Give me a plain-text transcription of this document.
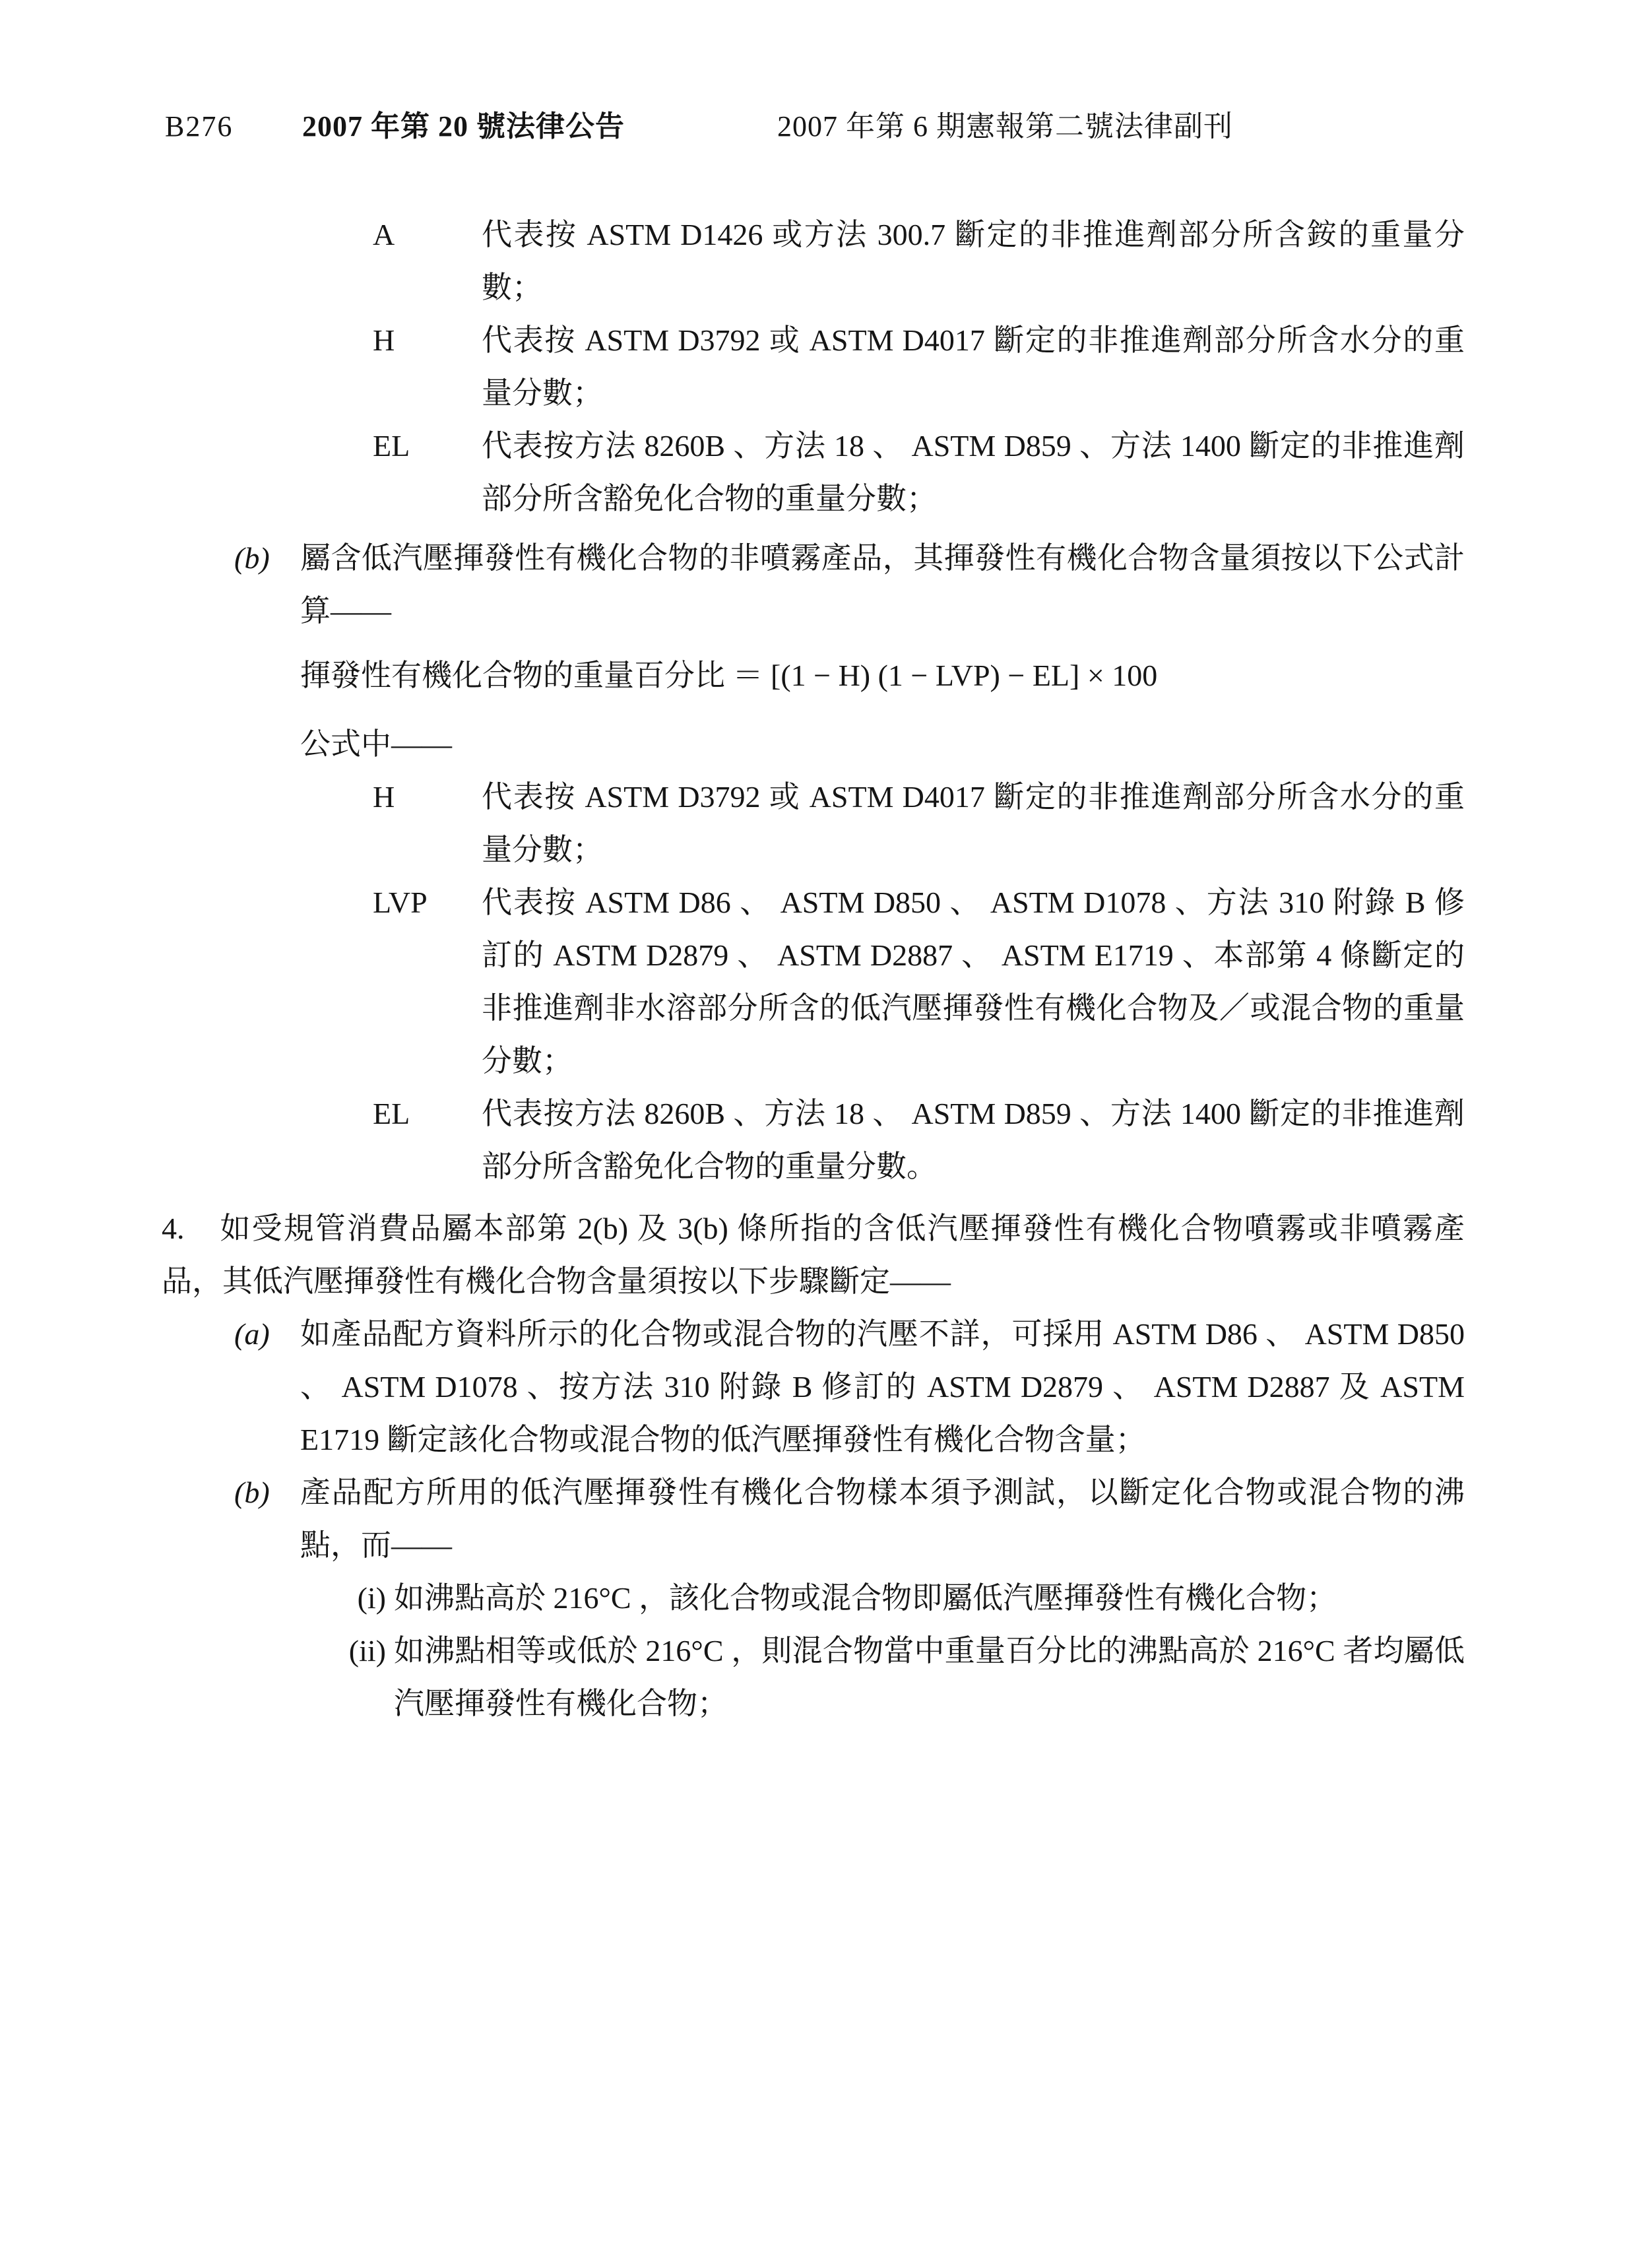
B276 2007 年第 20 號法律公告	2007 年第 6 期憲報第二號法律副刊
A	代表按 ASTM D1426 或方法 300.7 斷定的非推進劑部分所含銨的重量分數；
H	代表按 ASTM D3792 或 ASTM D4017 斷定的非推進劑部分所含水分的重量分數；
EL	代表按方法 8260B 、方法 18 、 ASTM D859 、方法 1400 斷定的非推進劑部分所含豁免化合物的重量分數；
(b)	屬含低汽壓揮發性有機化合物的非噴霧產品，其揮發性有機化合物含量須按以下公式計算——

揮發性有機化合物的重量百分比 ＝ [(1 − H) (1 − LVP) − EL] × 100

公式中——

H	代表按 ASTM D3792 或 ASTM D4017 斷定的非推進劑部分所含水分的重量分數；
LVP	代表按 ASTM D86 、 ASTM D850 、 ASTM D1078 、方法 310 附錄 B 修訂的 ASTM D2879 、 ASTM D2887 、 ASTM E1719 、本部第 4 條斷定的非推進劑非水溶部分所含的低汽壓揮發性有機化合物及／或混合物的重量分數；
EL	代表按方法 8260B 、方法 18 、 ASTM D859 、方法 1400 斷定的非推進劑部分所含豁免化合物的重量分數。

4. 如受規管消費品屬本部第 2(b) 及 3(b) 條所指的含低汽壓揮發性有機化合物噴霧或非噴霧產品，其低汽壓揮發性有機化合物含量須按以下步驟斷定——

(a)	如產品配方資料所示的化合物或混合物的汽壓不詳，可採用 ASTM D86 、 ASTM D850 、 ASTM D1078 、按方法 310 附錄 B 修訂的 ASTM D2879 、 ASTM D2887 及 ASTM E1719 斷定該化合物或混合物的低汽壓揮發性有機化合物含量；
(b)	產品配方所用的低汽壓揮發性有機化合物樣本須予測試，以斷定化合物或混合物的沸點，而——
(i) 如沸點高於 216°C ，該化合物或混合物即屬低汽壓揮發性有機化合物；
(ii) 如沸點相等或低於 216°C ，則混合物當中重量百分比的沸點高於 216°C 者均屬低汽壓揮發性有機化合物；
